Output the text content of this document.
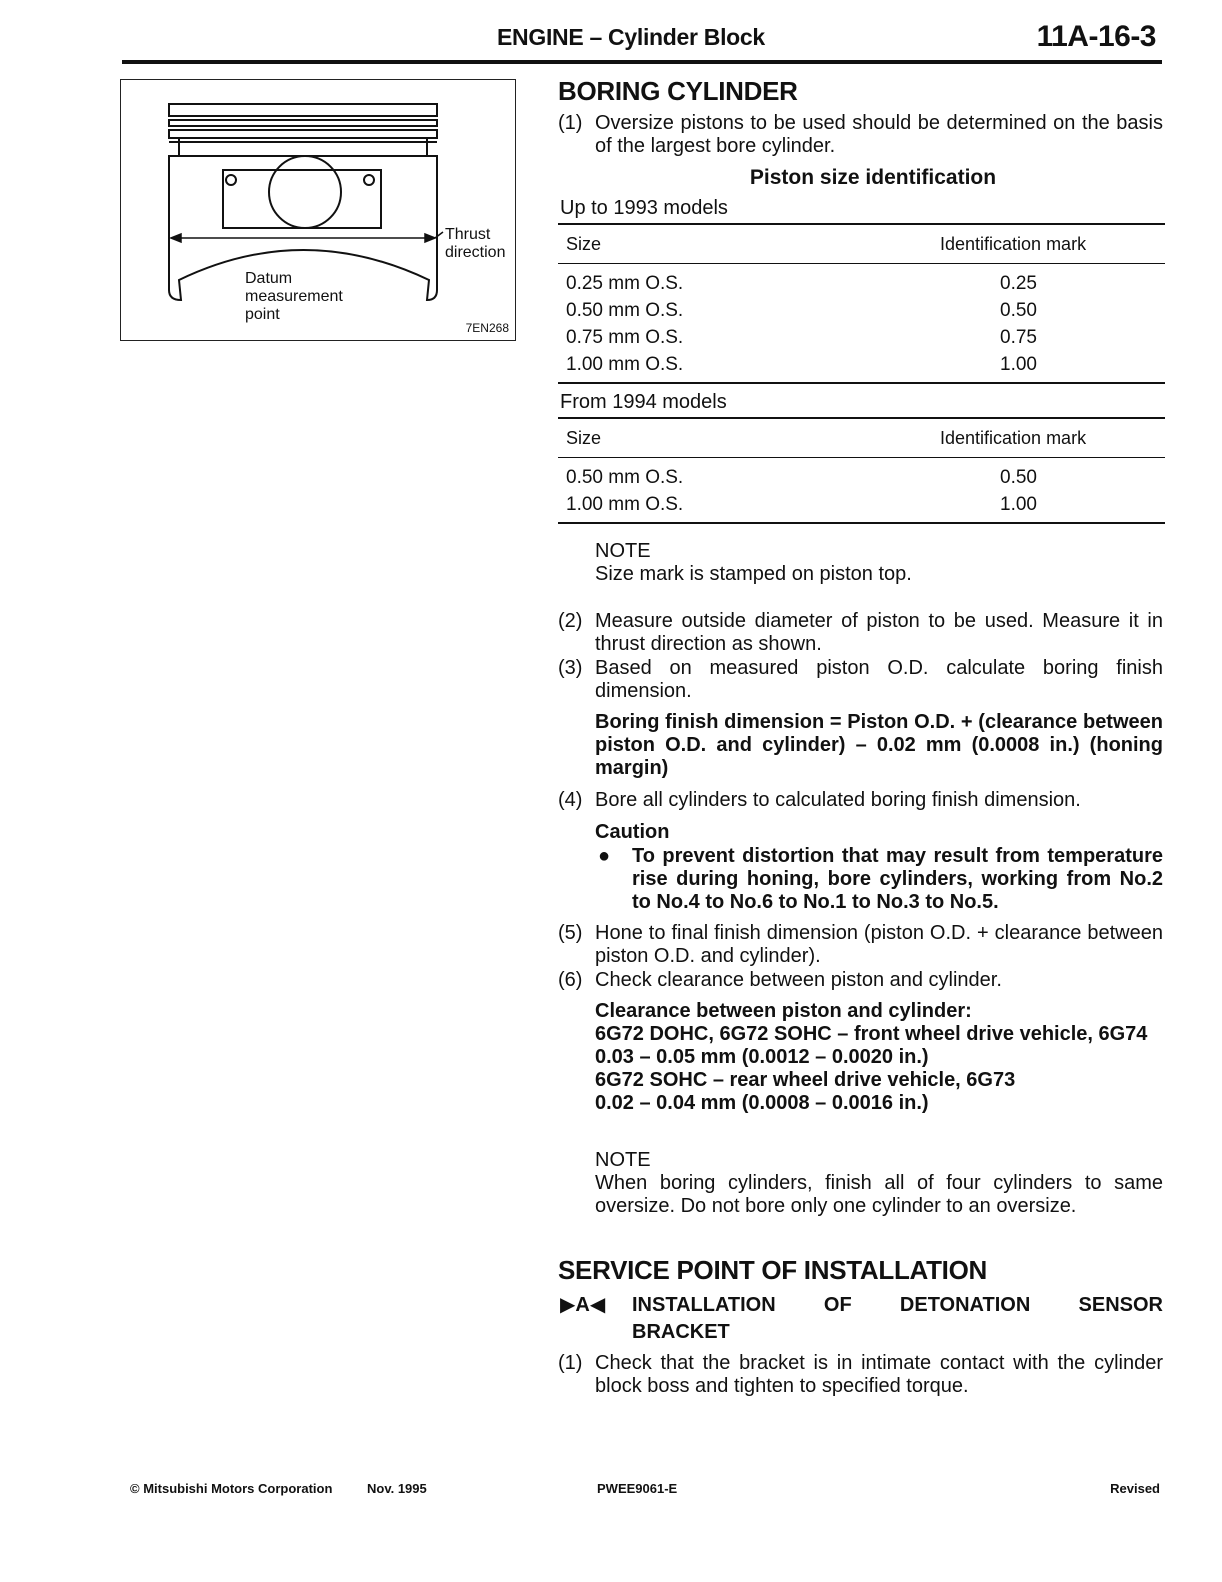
ENGINE – Cylinder Block	11A-16-3
Thrust direction
Datum measurement point
7EN268
BORING CYLINDER
(1) Oversize pistons to be used should be determined on the basis of the largest bore cylinder.
Piston size identification
Up to 1993 models
Size	Identification mark
0.25 mm O.S.	0.25
0.50 mm O.S.	0.50
0.75 mm O.S.	0.75
1.00 mm O.S.	1.00
From 1994 models
Size	Identification mark
0.50 mm O.S.	0.50
1.00 mm O.S.	1.00
NOTE
Size mark is stamped on piston top.
(2) Measure outside diameter of piston to be used. Measure it in thrust direction as shown.
(3) Based on measured piston O.D. calculate boring finish dimension.
Boring finish dimension = Piston O.D. + (clearance between piston O.D. and cylinder) – 0.02 mm (0.0008 in.) (honing margin)
(4) Bore all cylinders to calculated boring finish dimension.
Caution
● To prevent distortion that may result from temperature rise during honing, bore cylinders, working from No.2 to No.4 to No.6 to No.1 to No.3 to No.5.
(5) Hone to final finish dimension (piston O.D. + clearance between piston O.D. and cylinder).
(6) Check clearance between piston and cylinder.
Clearance between piston and cylinder:
6G72 DOHC, 6G72 SOHC – front wheel drive vehicle, 6G74
0.03 – 0.05 mm (0.0012 – 0.0020 in.)
6G72 SOHC – rear wheel drive vehicle, 6G73
0.02 – 0.04 mm (0.0008 – 0.0016 in.)
NOTE
When boring cylinders, finish all of four cylinders to same oversize. Do not bore only one cylinder to an oversize.
SERVICE POINT OF INSTALLATION
▶A◀ INSTALLATION OF DETONATION SENSOR BRACKET
(1) Check that the bracket is in intimate contact with the cylinder block boss and tighten to specified torque.
© Mitsubishi Motors Corporation	Nov. 1995	PWEE9061-E	Revised
